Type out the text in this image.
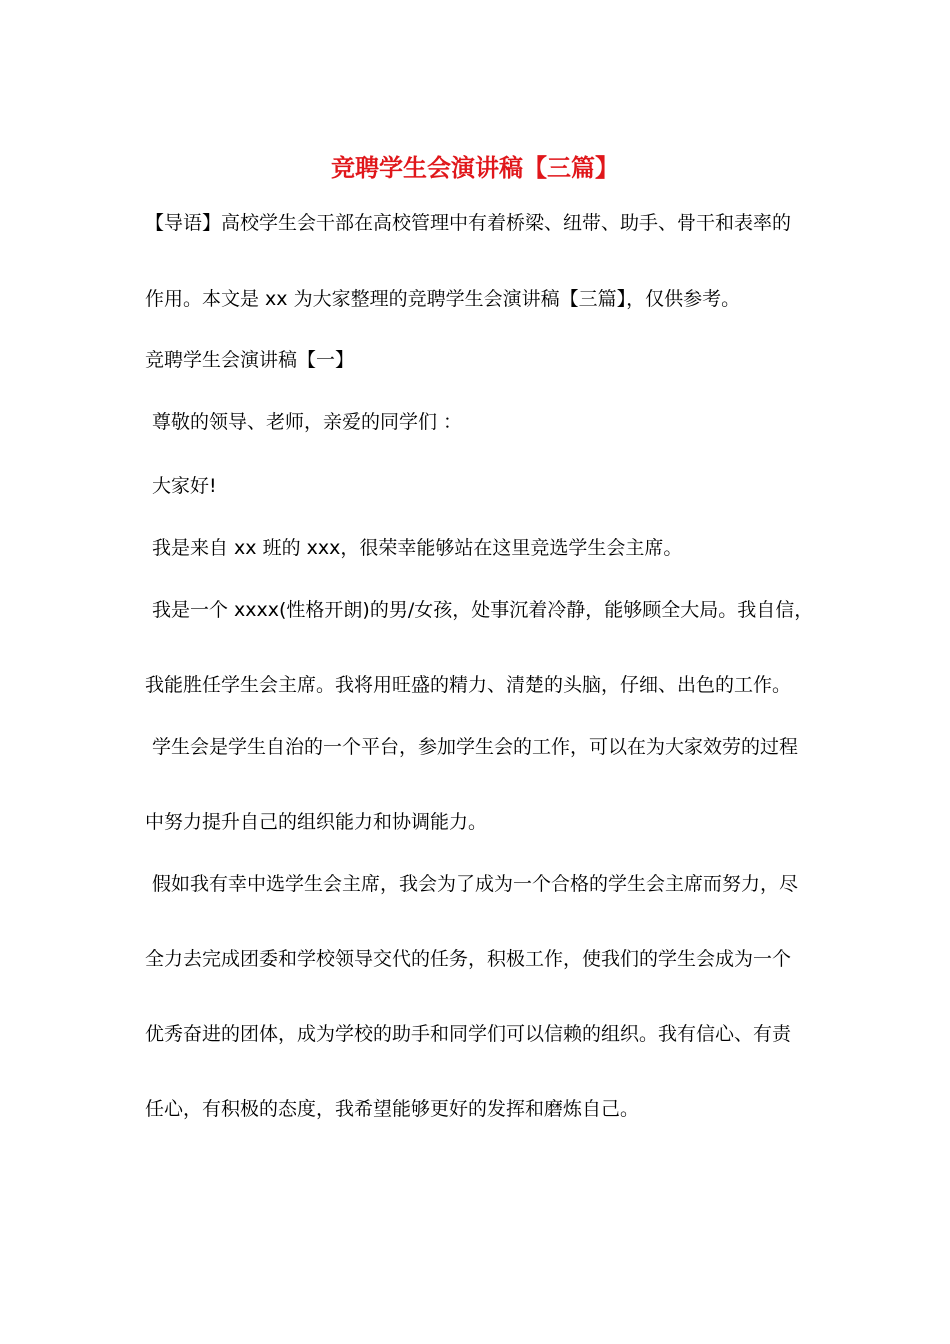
竞聘学生会演讲稿【三篇】
【导语】高校学生会干部在高校管理中有着桥梁、纽带、助手、骨干和表率的
作用。本文是 xx 为大家整理的竞聘学生会演讲稿【三篇】，仅供参考。
竞聘学生会演讲稿【一】
尊敬的领导、老师，亲爱的同学们 ：
大家好!
我是来自 xx 班的 xxx，很荣幸能够站在这里竞选学生会主席。
我是一个 xxxx(性格开朗)的男/女孩，处事沉着冷静，能够顾全大局。我自信，
我能胜任学生会主席。我将用旺盛的精力、清楚的头脑，仔细、出色的工作。
学生会是学生自治的一个平台，参加学生会的工作，可以在为大家效劳的过程
中努力提升自己的组织能力和协调能力。
假如我有幸中选学生会主席，我会为了成为一个合格的学生会主席而努力，尽
全力去完成团委和学校领导交代的任务，积极工作，使我们的学生会成为一个
优秀奋进的团体，成为学校的助手和同学们可以信赖的组织。我有信心、有责
任心，有积极的态度，我希望能够更好的发挥和磨炼自己。
